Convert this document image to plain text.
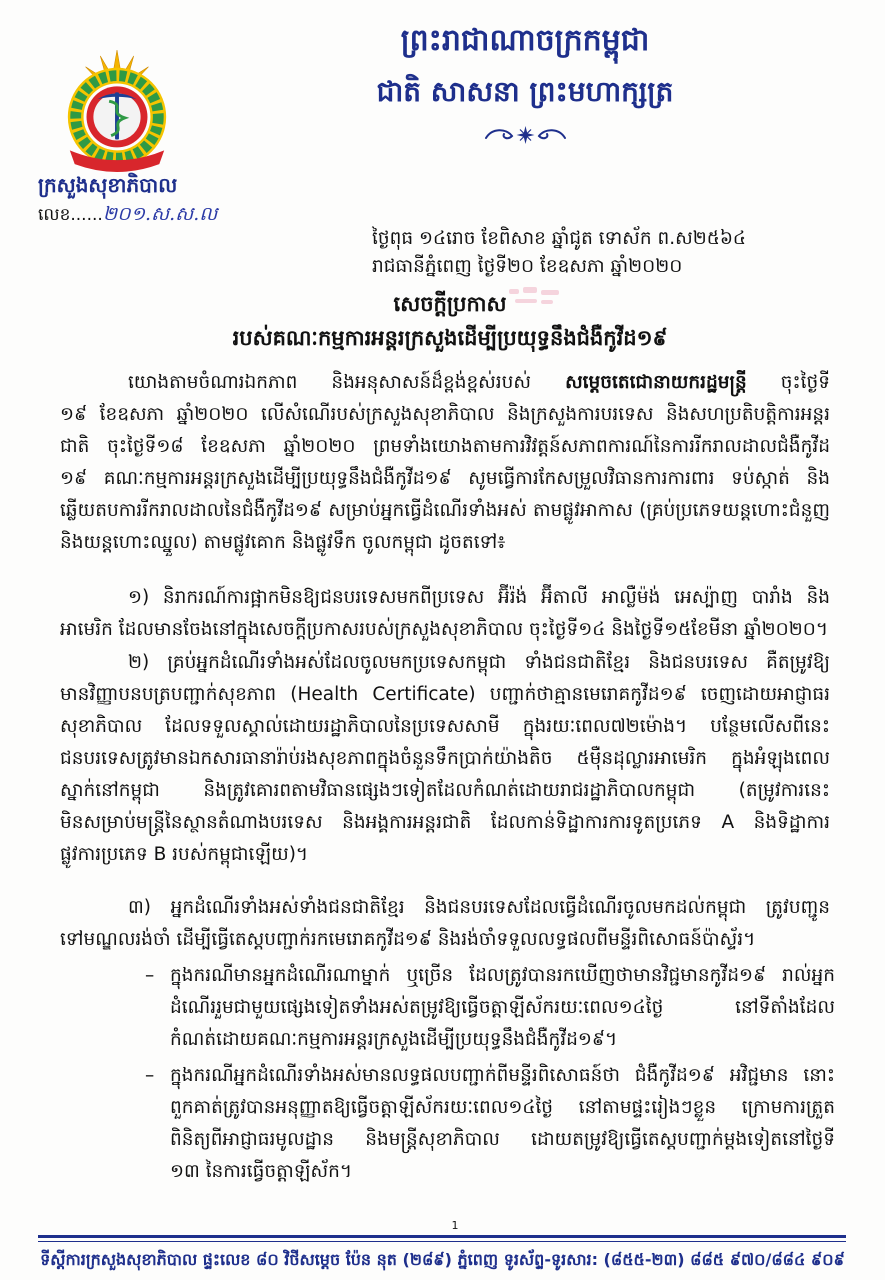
ព្រះរាជាណាចក្រកម្ពុជា
ជាតិ សាសនា ព្រះមហាក្សត្រ
ក្រសួងសុខាភិបាល
លេខ......២០១.ស.ស.ល
ថ្ងៃពុធ ១៤រោច ខែពិសាខ ឆ្នាំជូត ទោស័ក ព.ស២៥៦៤
រាជធានីភ្នំពេញ ថ្ងៃទី២០ ខែឧសភា ឆ្នាំ២០២០
សេចក្តីប្រកាស
របស់គណៈកម្មការអន្តរក្រសួងដើម្បីប្រយុទ្ធនឹងជំងឺកូវីដ១៩
យោងតាមចំណារឯកភាព និងអនុសាសន៍ដ៏ខ្ពង់ខ្ពស់របស់ សម្តេចតេជោនាយករដ្ឋមន្ត្រី ចុះថ្ងៃទី
១៩ ខែឧសភា ឆ្នាំ២០២០ លើសំណើរបស់ក្រសួងសុខាភិបាល និងក្រសួងការបរទេស និងសហប្រតិបត្តិការអន្តរ
ជាតិ ចុះថ្ងៃទី១៨ ខែឧសភា ឆ្នាំ២០២០ ព្រមទាំងយោងតាមការវិវត្តន៍សភាពការណ៍នៃការរីករាលដាលជំងឺកូវីដ
១៩ គណៈកម្មការអន្តរក្រសួងដើម្បីប្រយុទ្ធនឹងជំងឺកូវីដ១៩ សូមធ្វើការកែសម្រួលវិធានការការពារ ទប់ស្កាត់ និង
ឆ្លើយតបការរីករាលដាលនៃជំងឺកូវីដ១៩ សម្រាប់អ្នកធ្វើដំណើរទាំងអស់ តាមផ្លូវអាកាស (គ្រប់ប្រភេទយន្តហោះជំនួញ
និងយន្តហោះឈ្នួល) តាមផ្លូវគោក និងផ្លូវទឹក ចូលកម្ពុជា ដូចតទៅ៖
១) និរាករណ៍ការផ្អាកមិនឱ្យជនបរទេសមកពីប្រទេស អ៊ីរ៉ង់ អ៊ីតាលី អាល្លឺម៉ង់ អេស្ប៉ាញ បារាំង និង
អាមេរិក ដែលមានចែងនៅក្នុងសេចក្តីប្រកាសរបស់ក្រសួងសុខាភិបាល ចុះថ្ងៃទី១៤ និងថ្ងៃទី១៥ខែមីនា ឆ្នាំ២០២០។
២) គ្រប់អ្នកដំណើរទាំងអស់ដែលចូលមកប្រទេសកម្ពុជា ទាំងជនជាតិខ្មែរ និងជនបរទេស គឺតម្រូវឱ្យ
មានវិញ្ញាបនបត្របញ្ជាក់សុខភាព (Health Certificate) បញ្ជាក់ថាគ្មានមេរោគកូវីដ១៩ ចេញដោយអាជ្ញាធរ
សុខាភិបាល ដែលទទួលស្គាល់ដោយរដ្ឋាភិបាលនៃប្រទេសសាមី ក្នុងរយៈពេល៧២ម៉ោង។ បន្ថែមលើសពីនេះ
ជនបរទេសត្រូវមានឯកសារធានារ៉ាប់រងសុខភាពក្នុងចំនួនទឹកប្រាក់យ៉ាងតិច ៥ម៉ឺនដុល្លារអាមេរិក ក្នុងអំឡុងពេល
ស្នាក់នៅកម្ពុជា និងត្រូវគោរពតាមវិធានផ្សេងៗទៀតដែលកំណត់ដោយរាជរដ្ឋាភិបាលកម្ពុជា (តម្រូវការនេះ
មិនសម្រាប់មន្ត្រីនៃស្ថានតំណាងបរទេស និងអង្គការអន្តរជាតិ ដែលកាន់ទិដ្ឋាការការទូតប្រភេទ A និងទិដ្ឋាការ
ផ្លូវការប្រភេទ B របស់កម្ពុជាឡើយ)។
៣) អ្នកដំណើរទាំងអស់ទាំងជនជាតិខ្មែរ និងជនបរទេសដែលធ្វើដំណើរចូលមកដល់កម្ពុជា ត្រូវបញ្ជូន
ទៅមណ្ឌលរង់ចាំ ដើម្បីធ្វើតេស្តបញ្ជាក់រកមេរោគកូវីដ១៩ និងរង់ចាំទទួលលទ្ធផលពីមន្ទីរពិសោធន៍ប៉ាស្ទ័រ។
– ក្នុងករណីមានអ្នកដំណើរណាម្នាក់ ឬច្រើន ដែលត្រូវបានរកឃើញថាមានវិជ្ជមានកូវីដ១៩ រាល់អ្នក
ដំណើររួមជាមួយផ្សេងទៀតទាំងអស់តម្រូវឱ្យធ្វើចត្តាឡីស័ករយៈពេល១៤ថ្ងៃ នៅទីតាំងដែល
កំណត់ដោយគណៈកម្មការអន្តរក្រសួងដើម្បីប្រយុទ្ធនឹងជំងឺកូវីដ១៩។
– ក្នុងករណីអ្នកដំណើរទាំងអស់មានលទ្ធផលបញ្ជាក់ពីមន្ទីរពិសោធន៍ថា ជំងឺកូវីដ១៩ អវិជ្ជមាន នោះ
ពួកគាត់ត្រូវបានអនុញ្ញាតឱ្យធ្វើចត្តាឡីស័ករយៈពេល១៤ថ្ងៃ នៅតាមផ្ទះរៀងៗខ្លួន ក្រោមការត្រួត
ពិនិត្យពីអាជ្ញាធរមូលដ្ឋាន និងមន្ត្រីសុខាភិបាល ដោយតម្រូវឱ្យធ្វើតេស្តបញ្ជាក់ម្តងទៀតនៅថ្ងៃទី
១៣ នៃការធ្វើចត្តាឡីស័ក។
1
ទីស្តីការក្រសួងសុខាភិបាល ផ្ទះលេខ ៨០ វិថីសម្តេច ប៉ែន នុត (២៨៩) ភ្នំពេញ ទូរស័ព្ទ-ទូរសារ: (៨៥៥-២៣) ៨៨៥ ៩៧០/៨៨៤ ៩០៩
